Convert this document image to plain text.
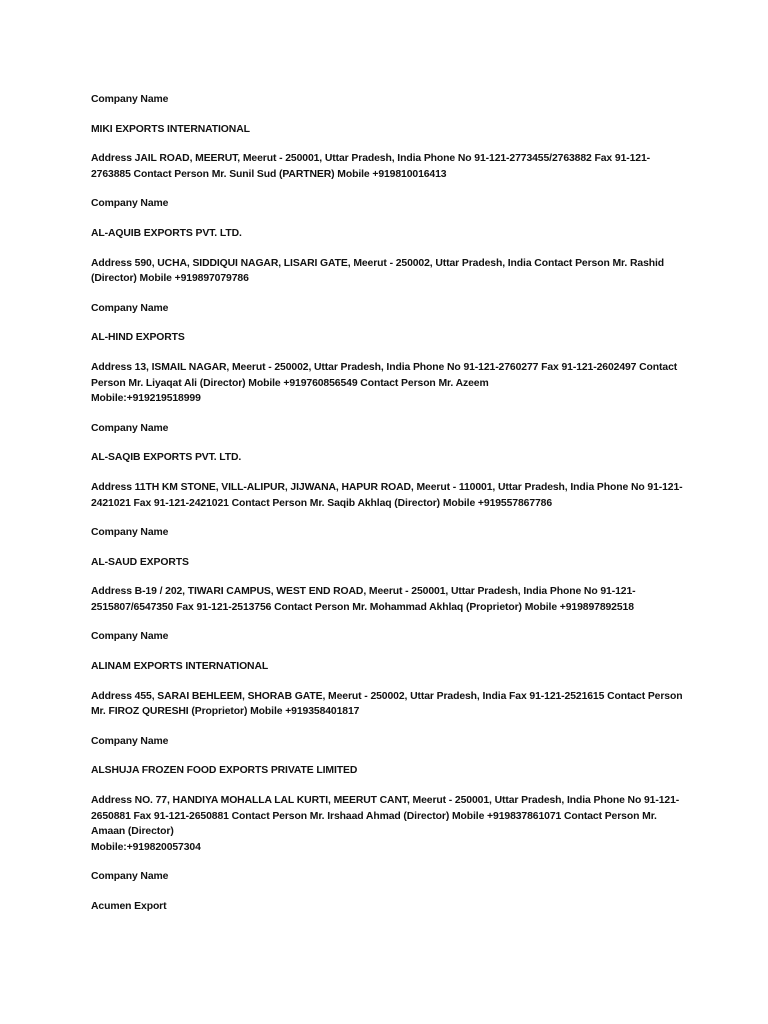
Company Name

MIKI EXPORTS INTERNATIONAL

Address JAIL ROAD, MEERUT, Meerut - 250001, Uttar Pradesh, India Phone No 91-121-2773455/2763882 Fax 91-121-2763885 Contact Person Mr. Sunil Sud (PARTNER) Mobile +919810016413

Company Name

AL-AQUIB EXPORTS PVT. LTD.

Address 590, UCHA, SIDDIQUI NAGAR, LISARI GATE, Meerut - 250002, Uttar Pradesh, India Contact Person Mr. Rashid (Director) Mobile +919897079786

Company Name

AL-HIND EXPORTS

Address 13, ISMAIL NAGAR, Meerut - 250002, Uttar Pradesh, India Phone No 91-121-2760277 Fax 91-121-2602497 Contact Person Mr. Liyaqat Ali (Director) Mobile +919760856549 Contact Person Mr. Azeem
Mobile:+919219518999

Company Name

AL-SAQIB EXPORTS PVT. LTD.

Address 11TH KM STONE, VILL-ALIPUR, JIJWANA, HAPUR ROAD, Meerut - 110001, Uttar Pradesh, India Phone No 91-121-2421021 Fax 91-121-2421021 Contact Person Mr. Saqib Akhlaq (Director) Mobile +919557867786

Company Name

AL-SAUD EXPORTS

Address B-19 / 202, TIWARI CAMPUS, WEST END ROAD, Meerut - 250001, Uttar Pradesh, India Phone No 91-121-2515807/6547350 Fax 91-121-2513756 Contact Person Mr. Mohammad Akhlaq (Proprietor) Mobile +919897892518

Company Name

ALINAM EXPORTS INTERNATIONAL

Address 455, SARAI BEHLEEM, SHORAB GATE, Meerut - 250002, Uttar Pradesh, India Fax 91-121-2521615 Contact Person Mr. FIROZ QURESHI (Proprietor) Mobile +919358401817

Company Name

ALSHUJA FROZEN FOOD EXPORTS PRIVATE LIMITED

Address NO. 77, HANDIYA MOHALLA LAL KURTI, MEERUT CANT, Meerut - 250001, Uttar Pradesh, India Phone No 91-121-2650881 Fax 91-121-2650881 Contact Person Mr. Irshaad Ahmad (Director) Mobile +919837861071 Contact Person Mr. Amaan (Director)
Mobile:+919820057304

Company Name

Acumen Export
